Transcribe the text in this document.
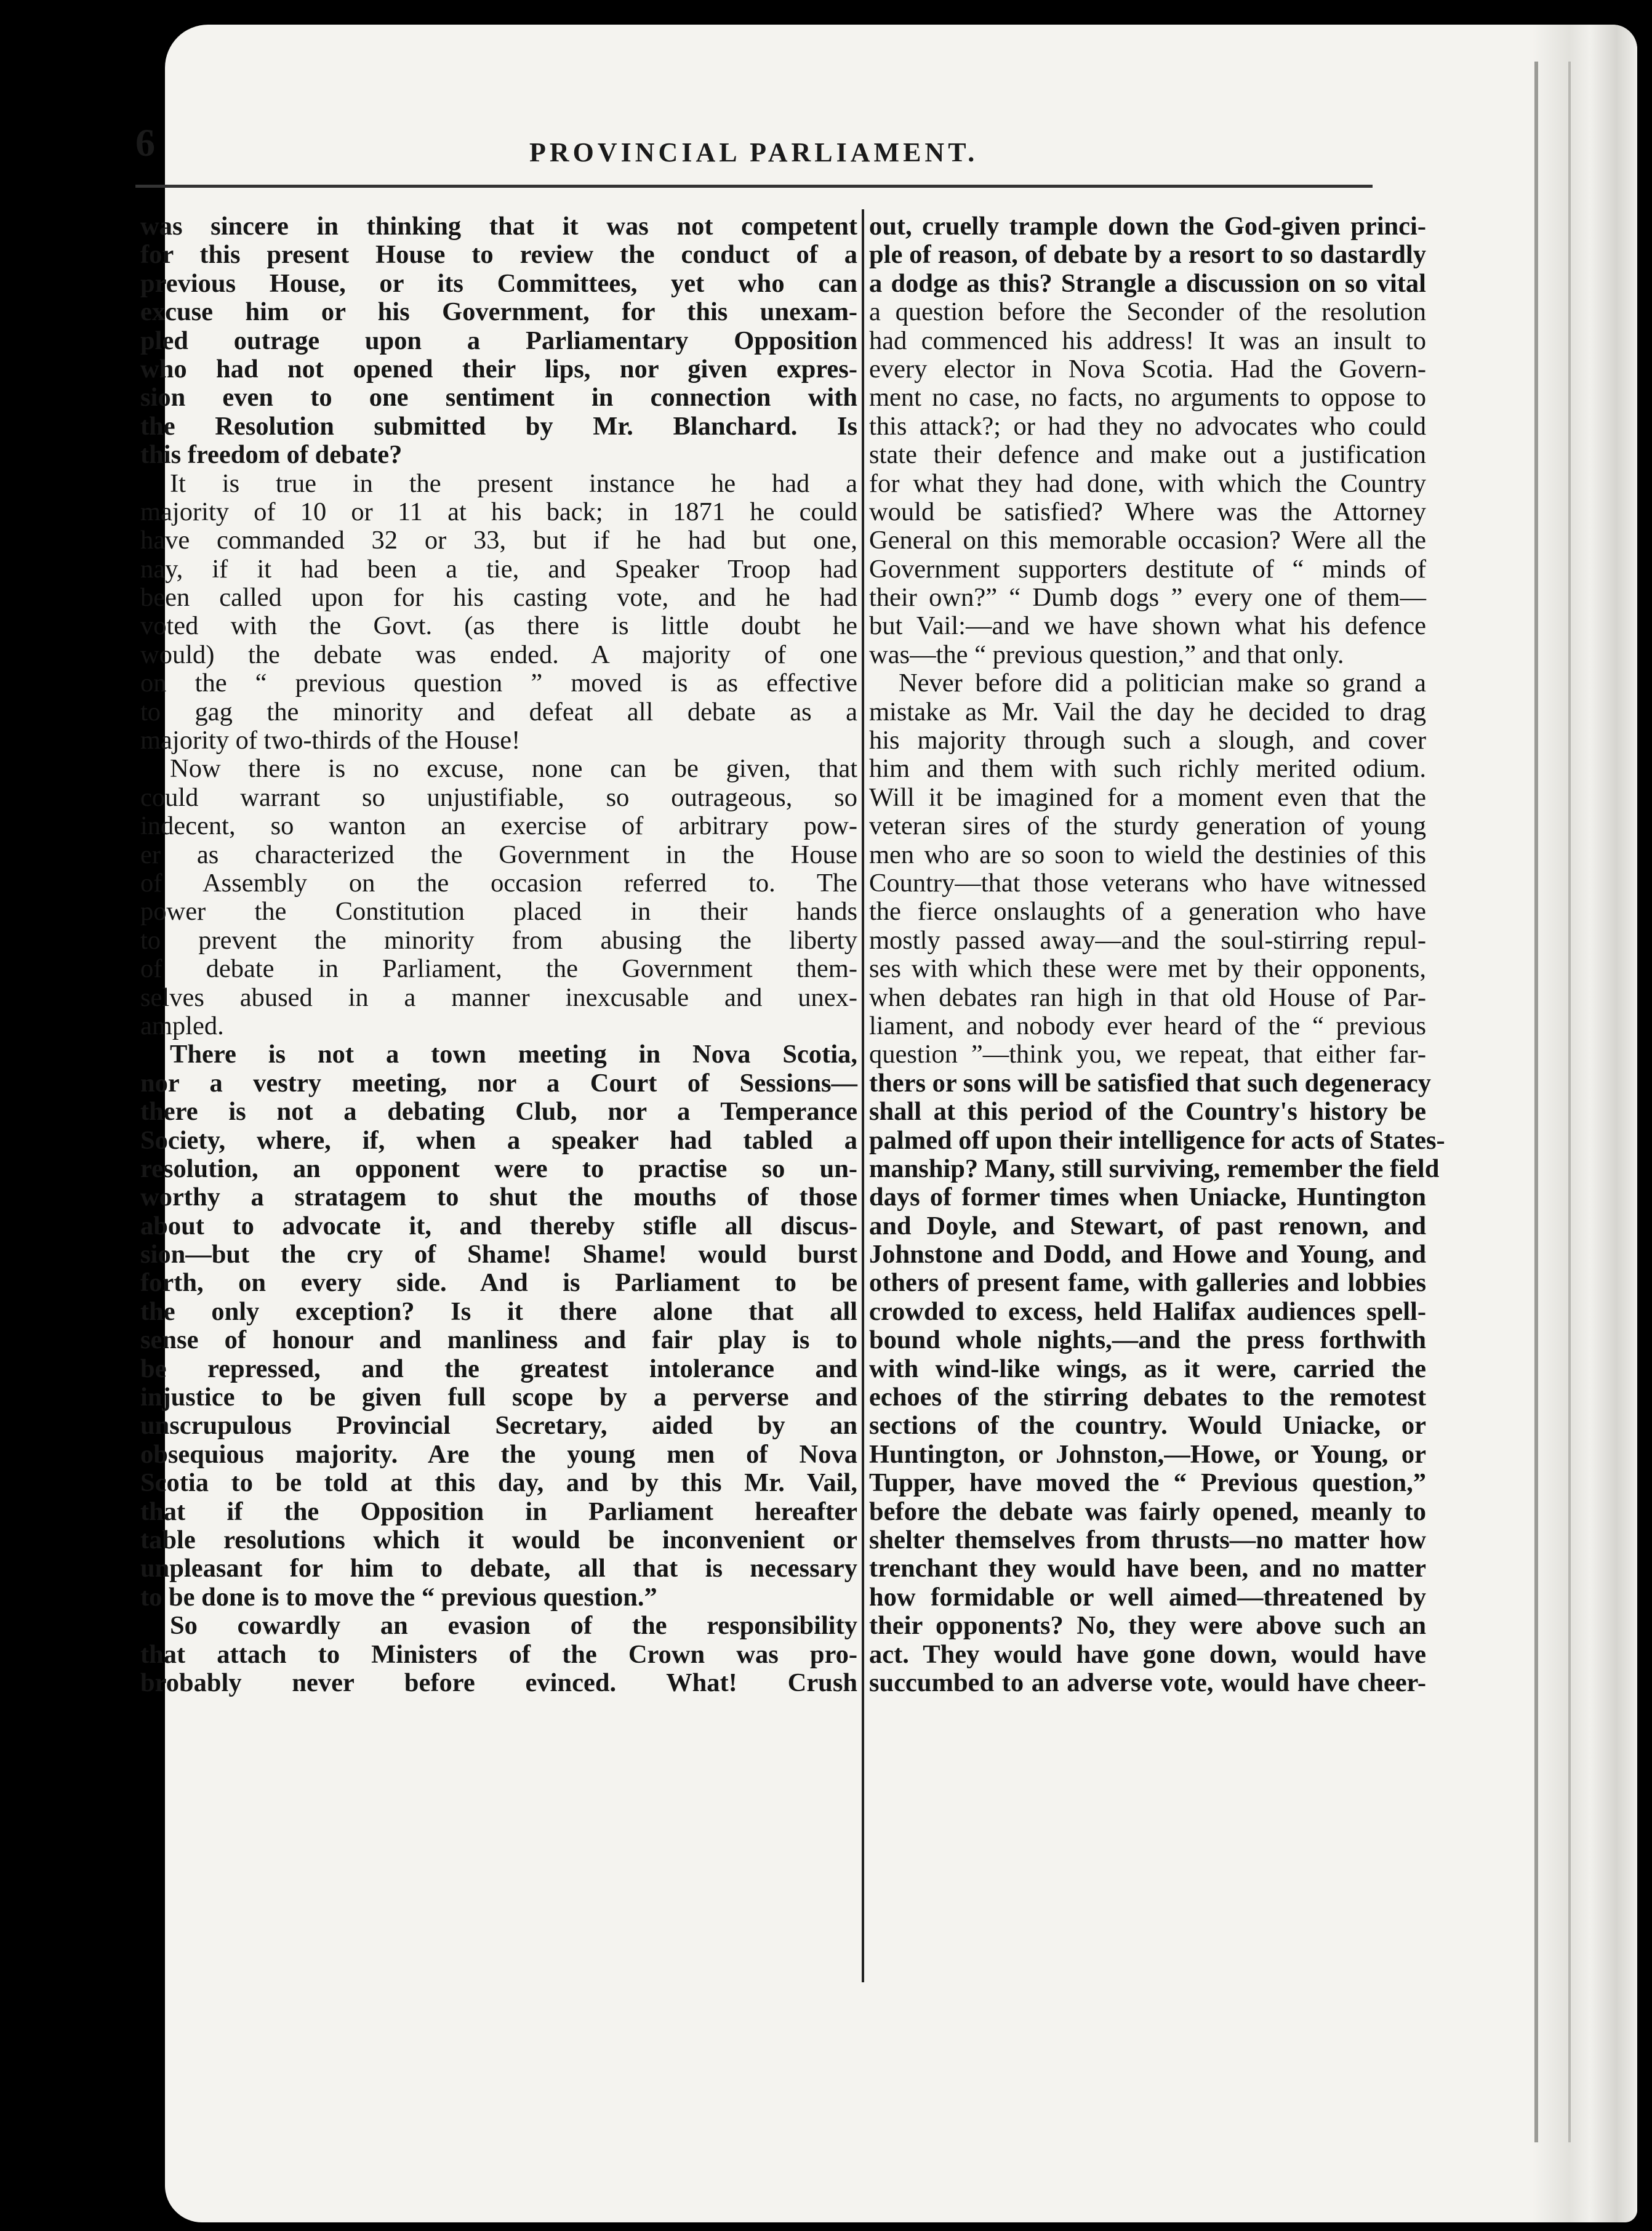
6	PROVINCIAL PARLIAMENT.
was sincere in thinking that it was not competent
for this present House to review the conduct of a
previous House, or its Committees, yet who can
excuse him or his Government, for this unexam-
pled outrage upon a Parliamentary Opposition
who had not opened their lips, nor given expres-
sion even to one sentiment in connection with
the Resolution submitted by Mr. Blanchard. Is
this freedom of debate?
It is true in the present instance he had a
majority of 10 or 11 at his back; in 1871 he could
have commanded 32 or 33, but if he had but one,
nay, if it had been a tie, and Speaker Troop had
been called upon for his casting vote, and he had
voted with the Govt. (as there is little doubt he
would) the debate was ended. A majority of one
on the “ previous question ” moved is as effective
to gag the minority and defeat all debate as a
majority of two-thirds of the House!
Now there is no excuse, none can be given, that
could warrant so unjustifiable, so outrageous, so
indecent, so wanton an exercise of arbitrary pow-
er as characterized the Government in the House
of Assembly on the occasion referred to. The
power the Constitution placed in their hands
to prevent the minority from abusing the liberty
of debate in Parliament, the Government them-
selves abused in a manner inexcusable and unex-
ampled.
There is not a town meeting in Nova Scotia,
nor a vestry meeting, nor a Court of Sessions—
there is not a debating Club, nor a Temperance
Society, where, if, when a speaker had tabled a
resolution, an opponent were to practise so un-
worthy a stratagem to shut the mouths of those
about to advocate it, and thereby stifle all discus-
sion—but the cry of Shame! Shame! would burst
forth, on every side. And is Parliament to be
the only exception? Is it there alone that all
sense of honour and manliness and fair play is to
be repressed, and the greatest intolerance and
injustice to be given full scope by a perverse and
unscrupulous Provincial Secretary, aided by an
obsequious majority. Are the young men of Nova
Scotia to be told at this day, and by this Mr. Vail,
that if the Opposition in Parliament hereafter
table resolutions which it would be inconvenient or
unpleasant for him to debate, all that is necessary
to be done is to move the “ previous question.”
So cowardly an evasion of the responsibility
that attach to Ministers of the Crown was pro-
brobably never before evinced. What! Crush
out, cruelly trample down the God-given princi-
ple of reason, of debate by a resort to so dastardly
a dodge as this? Strangle a discussion on so vital
a question before the Seconder of the resolution
had commenced his address! It was an insult to
every elector in Nova Scotia. Had the Govern-
ment no case, no facts, no arguments to oppose to
this attack?; or had they no advocates who could
state their defence and make out a justification
for what they had done, with which the Country
would be satisfied? Where was the Attorney
General on this memorable occasion? Were all the
Government supporters destitute of “ minds of
their own?” “ Dumb dogs ” every one of them—
but Vail:—and we have shown what his defence
was—the “ previous question,” and that only.
Never before did a politician make so grand a
mistake as Mr. Vail the day he decided to drag
his majority through such a slough, and cover
him and them with such richly merited odium.
Will it be imagined for a moment even that the
veteran sires of the sturdy generation of young
men who are so soon to wield the destinies of this
Country—that those veterans who have witnessed
the fierce onslaughts of a generation who have
mostly passed away—and the soul-stirring repul-
ses with which these were met by their opponents,
when debates ran high in that old House of Par-
liament, and nobody ever heard of the “ previous
question ”—think you, we repeat, that either far-
thers or sons will be satisfied that such degeneracy
shall at this period of the Country's history be
palmed off upon their intelligence for acts of States-
manship? Many, still surviving, remember the field
days of former times when Uniacke, Huntington
and Doyle, and Stewart, of past renown, and
Johnstone and Dodd, and Howe and Young, and
others of present fame, with galleries and lobbies
crowded to excess, held Halifax audiences spell-
bound whole nights,—and the press forthwith
with wind-like wings, as it were, carried the
echoes of the stirring debates to the remotest
sections of the country. Would Uniacke, or
Huntington, or Johnston,—Howe, or Young, or
Tupper, have moved the “ Previous question,”
before the debate was fairly opened, meanly to
shelter themselves from thrusts—no matter how
trenchant they would have been, and no matter
how formidable or well aimed—threatened by
their opponents? No, they were above such an
act. They would have gone down, would have
succumbed to an adverse vote, would have cheer-
